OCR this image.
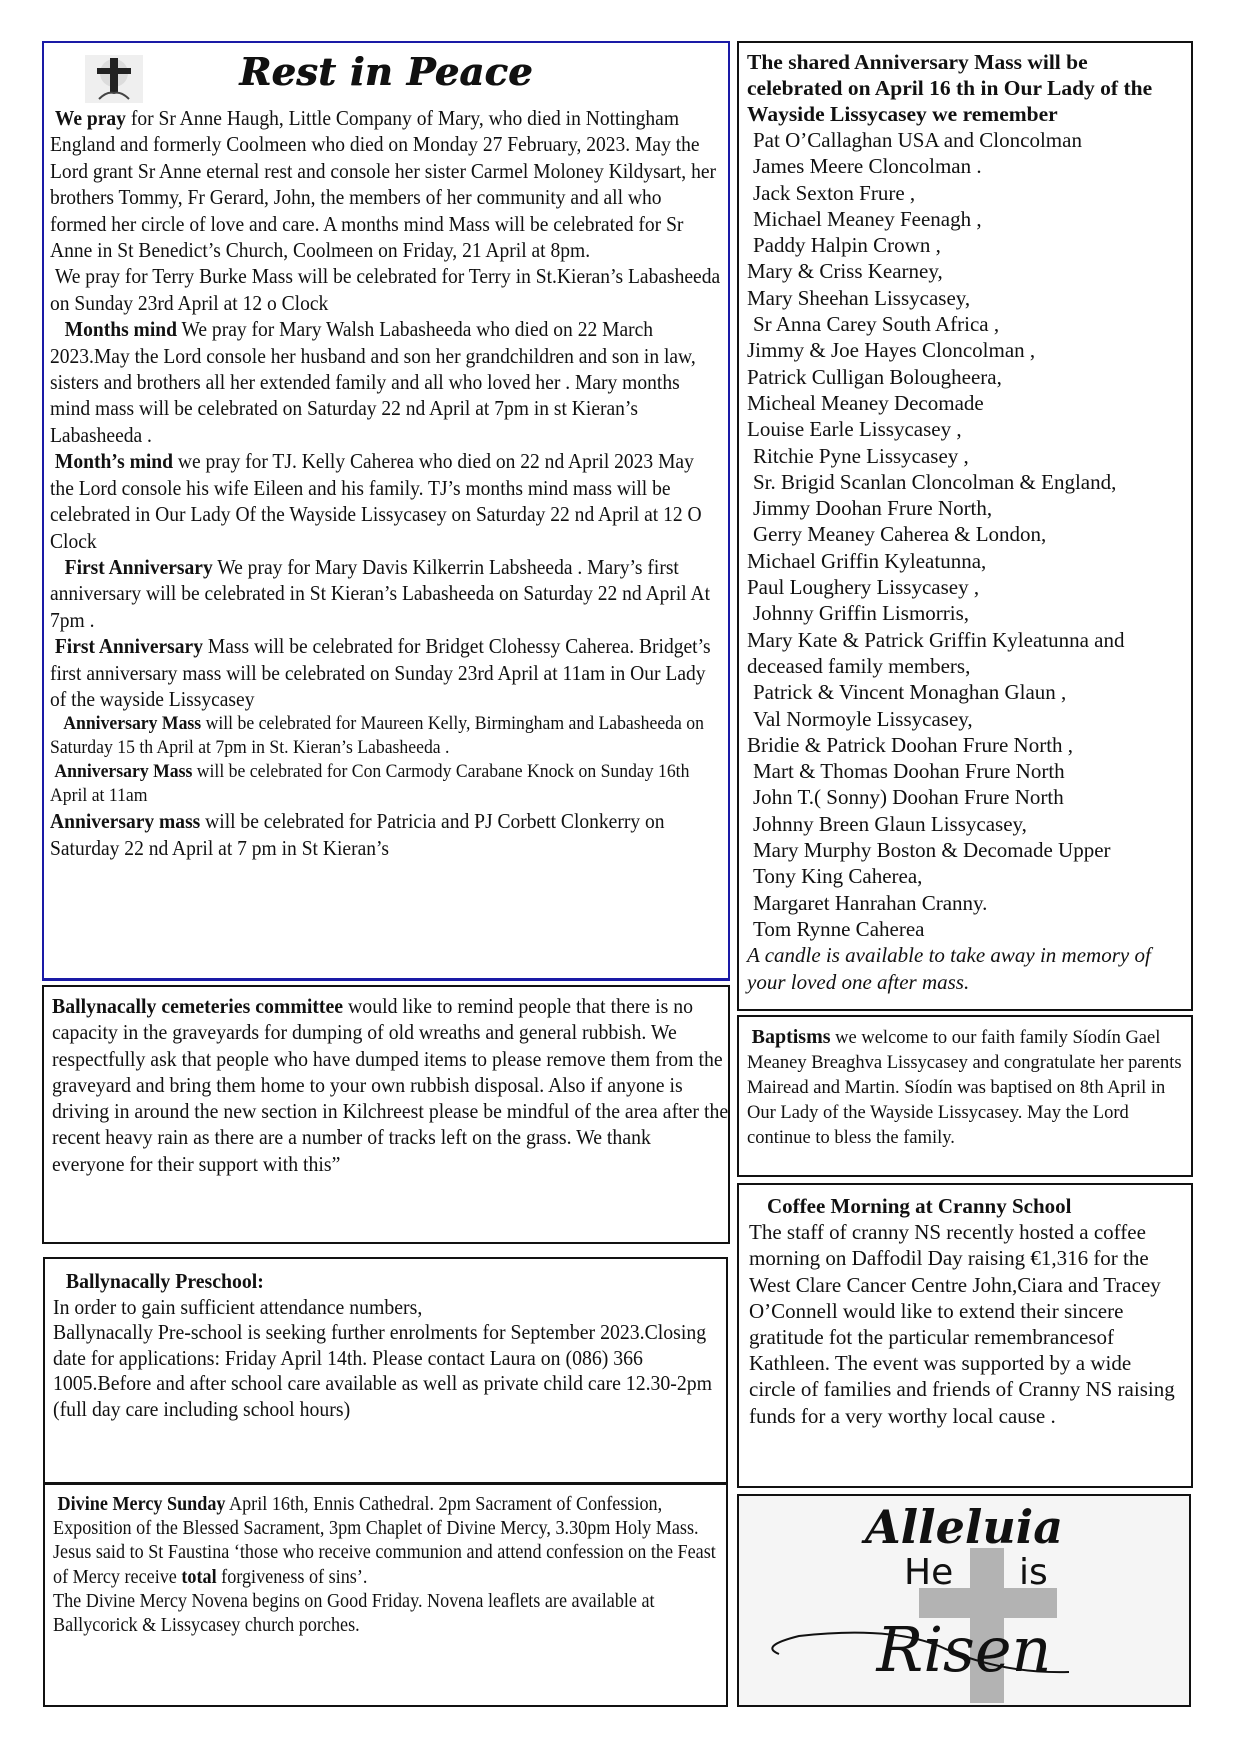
Rest in Peace

We pray for Sr Anne Haugh, Little Company of Mary, who died in Nottingham England and formerly Coolmeen who died on Monday 27 February, 2023. May the Lord grant Sr Anne eternal rest and console her sister Carmel Moloney Kildysart, her brothers Tommy, Fr Gerard, John, the members of her community and all who formed her circle of love and care. A months mind Mass will be celebrated for Sr Anne in St Benedict’s Church, Coolmeen on Friday, 21 April at 8pm.

We pray for Terry Burke Mass will be celebrated for Terry in St.Kieran’s Labasheeda on Sunday 23rd April at 12 o Clock

Months mind We pray for Mary Walsh Labasheeda who died on 22 March 2023.May the Lord console her husband and son her grandchildren and son in law, sisters and brothers all her extended family and all who loved her . Mary months mind mass will be celebrated on Saturday 22 nd April at 7pm in st Kieran’s Labasheeda .

Month’s mind we pray for TJ. Kelly Caherea who died on 22 nd April 2023 May the Lord console his wife Eileen and his family. TJ’s months mind mass will be celebrated in Our Lady Of the Wayside Lissycasey on Saturday 22 nd April at 12 O Clock

First Anniversary We pray for Mary Davis Kilkerrin Labsheeda . Mary’s first anniversary will be celebrated in St Kieran’s Labasheeda on Saturday 22 nd April At 7pm .

First Anniversary Mass will be celebrated for Bridget Clohessy Caherea. Bridget’s first anniversary mass will be celebrated on Sunday 23rd April at 11am in Our Lady of the wayside Lissycasey

Anniversary Mass will be celebrated for Maureen Kelly, Birmingham and Labasheeda on Saturday 15 th April at 7pm in St. Kieran’s Labasheeda .

Anniversary Mass will be celebrated for Con Carmody Carabane Knock on Sunday 16th April at 11am

Anniversary mass will be celebrated for Patricia and PJ Corbett Clonkerry on Saturday 22 nd April at 7 pm in St Kieran’s

The shared Anniversary Mass will be celebrated on April 16 th in Our Lady of the Wayside Lissycasey we remember

Pat O’Callaghan USA and Cloncolman

James Meere Cloncolman .

Jack Sexton Frure ,

Michael Meaney Feenagh ,

Paddy Halpin Crown ,

Mary & Criss Kearney,

Mary Sheehan Lissycasey,

Sr Anna Carey South Africa ,

Jimmy & Joe Hayes Cloncolman ,

Patrick Culligan Bolougheera,

Micheal Meaney Decomade

Louise Earle Lissycasey ,

Ritchie Pyne Lissycasey ,

Sr. Brigid Scanlan Cloncolman & England,

Jimmy Doohan Frure North,

Gerry Meaney Caherea & London,

Michael Griffin Kyleatunna,

Paul Loughery Lissycasey ,

Johnny Griffin Lismorris,

Mary Kate & Patrick Griffin Kyleatunna and deceased family members,

Patrick & Vincent Monaghan Glaun ,

Val Normoyle Lissycasey,

Bridie & Patrick Doohan Frure North ,

Mart & Thomas Doohan Frure North

John T.( Sonny) Doohan Frure North

Johnny Breen Glaun Lissycasey,

Mary Murphy Boston & Decomade Upper

Tony King Caherea,

Margaret Hanrahan Cranny.

Tom Rynne Caherea

A candle is available to take away in memory of your loved one after mass.

Baptisms we welcome to our faith family Síodín Gael Meaney Breaghva Lissycasey and congratulate her parents Mairead and Martin. Síodín was baptised on 8th April in Our Lady of the Wayside Lissycasey. May the Lord continue to bless the family.

Coffee Morning at Cranny School

The staff of cranny NS recently hosted a coffee morning on Daffodil Day raising €1,316 for the West Clare Cancer Centre John,Ciara and Tracey O’Connell would like to extend their sincere gratitude fot the particular remembrancesof Kathleen. The event was supported by a wide circle of families and friends of Cranny NS raising funds for a very worthy local cause .

Alleluia
He is
Risen

Ballynacally cemeteries committee would like to remind people that there is no capacity in the graveyards for dumping of old wreaths and general rubbish. We respectfully ask that people who have dumped items to please remove them from the graveyard and bring them home to your own rubbish disposal. Also if anyone is driving in around the new section in Kilchreest please be mindful of the area after the recent heavy rain as there are a number of tracks left on the grass. We thank everyone for their support with this”

Ballynacally Preschool:

In order to gain sufficient attendance numbers,

Ballynacally Pre-school is seeking further enrolments for September 2023.Closing date for applications: Friday April 14th. Please contact Laura on (086) 366 1005.Before and after school care available as well as private child care 12.30-2pm (full day care including school hours)

Divine Mercy Sunday April 16th, Ennis Cathedral. 2pm Sacrament of Confession, Exposition of the Blessed Sacrament, 3pm Chaplet of Divine Mercy, 3.30pm Holy Mass. Jesus said to St Faustina ‘those who receive communion and attend confession on the Feast of Mercy receive total forgiveness of sins’.

The Divine Mercy Novena begins on Good Friday. Novena leaflets are available at Ballycorick & Lissycasey church porches.
